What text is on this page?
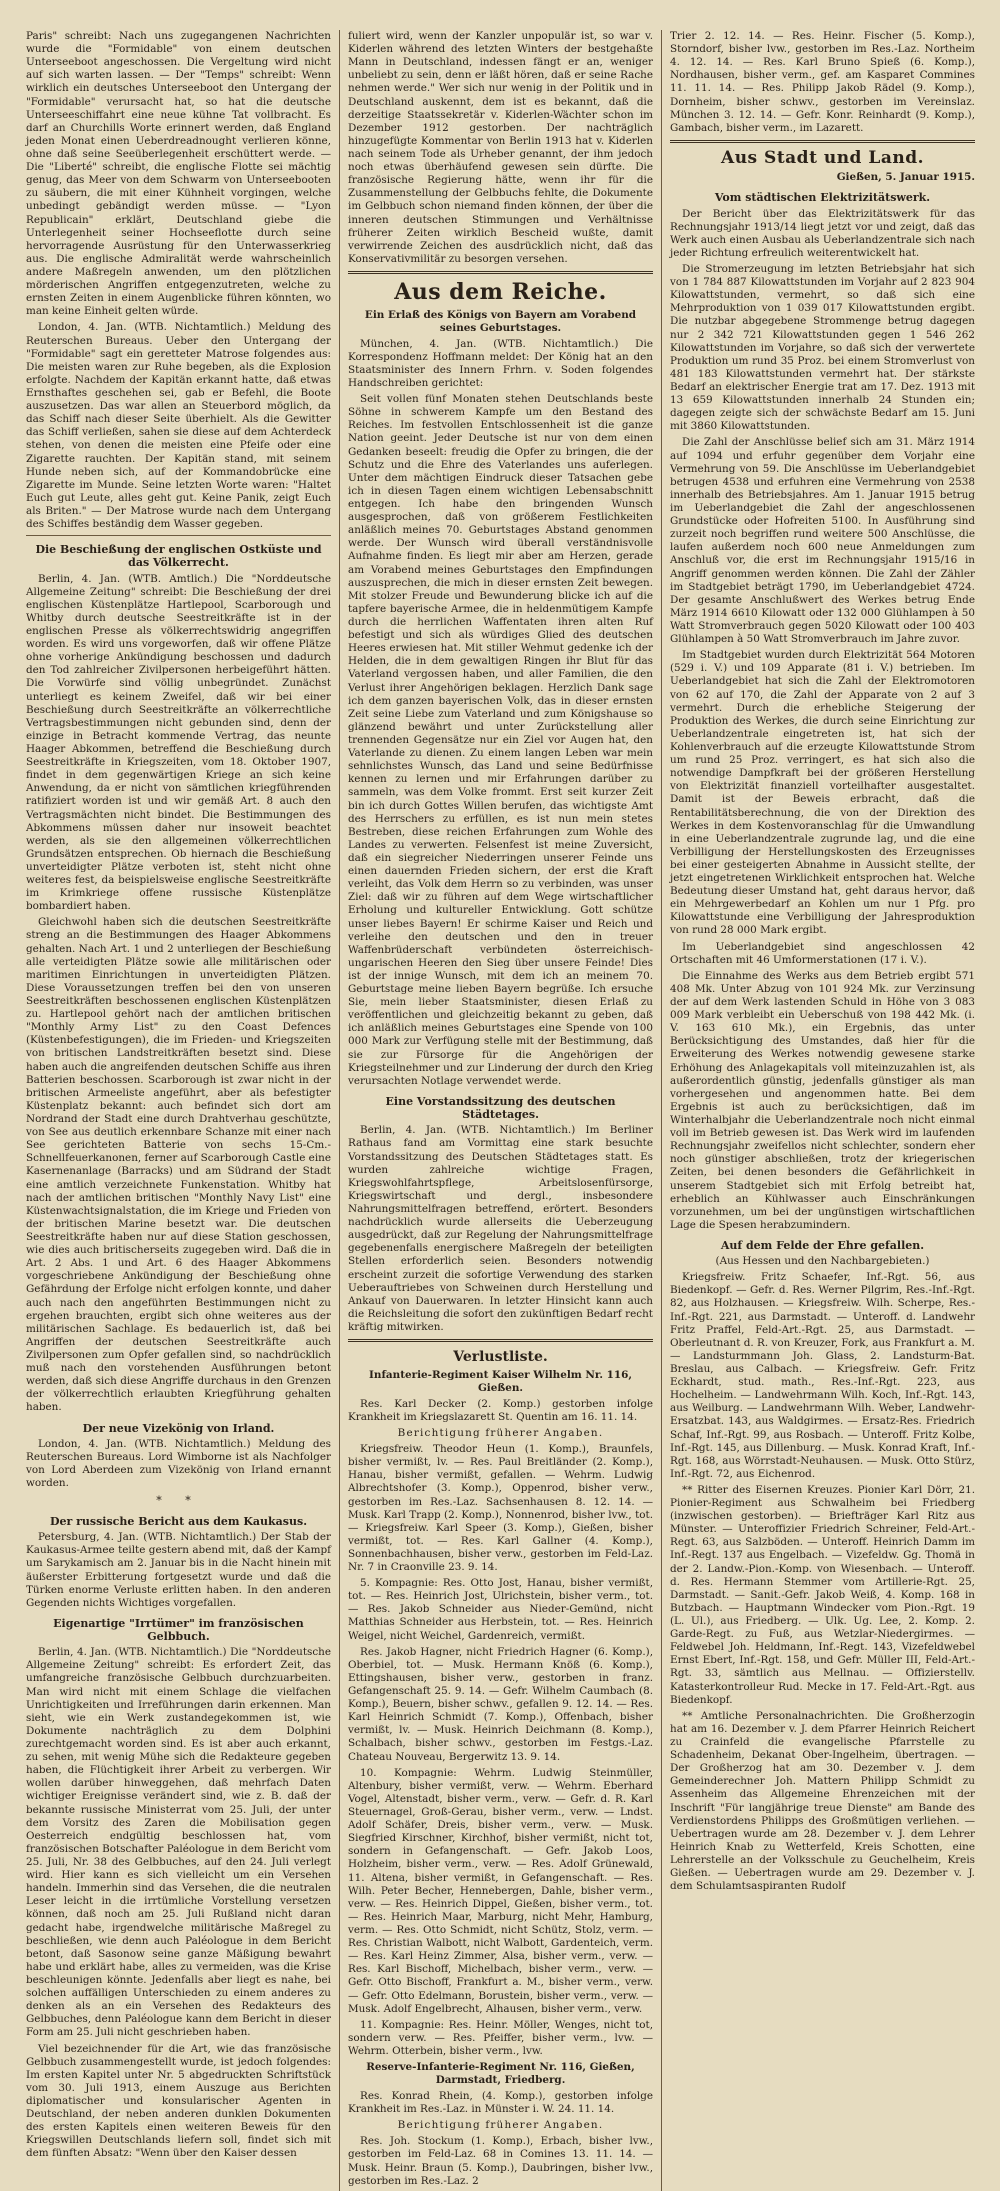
Paris" schreibt: Nach uns zugegangenen Nachrichten wurde die "Formidable" von einem deutschen Unterseeboot angeschossen. Die Vergeltung wird nicht auf sich warten lassen. — Der "Temps" schreibt: Wenn wirklich ein deutsches Unterseeboot den Untergang der "Formidable" verursacht hat, so hat die deutsche Unterseeschiffahrt eine neue kühne Tat vollbracht. Es darf an Churchills Worte erinnert werden, daß England jeden Monat einen Ueberdreadnought verlieren könne, ohne daß seine Seeüberlegenheit erschüttert werde. — Die "Liberté" schreibt, die englische Flotte sei mächtig genug, das Meer von dem Schwarm von Unterseebooten zu säubern, die mit einer Kühnheit vorgingen, welche unbedingt gebändigt werden müsse. — "Lyon Republicain" erklärt, Deutschland giebe die Unterlegenheit seiner Hochseeflotte durch seine hervorragende Ausrüstung für den Unterwasserkrieg aus. Die englische Admiralität werde wahrscheinlich andere Maßregeln anwenden, um den plötzlichen mörderischen Angriffen entgegenzutreten, welche zu ernsten Zeiten in einem Augenblicke führen könnten, wo man keine Einheit gelten würde.

London, 4. Jan. (WTB. Nichtamtlich.) Meldung des Reuterschen Bureaus. Ueber den Untergang der "Formidable" sagt ein geretteter Matrose folgendes aus: Die meisten waren zur Ruhe begeben, als die Explosion erfolgte. Nachdem der Kapitän erkannt hatte, daß etwas Ernsthaftes geschehen sei, gab er Befehl, die Boote auszusetzen. Das war allen an Steuerbord möglich, da das Schiff nach dieser Seite überhielt. Als die Gewitter das Schiff verließen, sahen sie diese auf dem Achterdeck stehen, von denen die meisten eine Pfeife oder eine Zigarette rauchten. Der Kapitän stand, mit seinem Hunde neben sich, auf der Kommandobrücke eine Zigarette im Munde. Seine letzten Worte waren: "Haltet Euch gut Leute, alles geht gut. Keine Panik, zeigt Euch als Briten." — Der Matrose wurde nach dem Untergang des Schiffes beständig dem Wasser gegeben.

Die Beschießung der englischen Ostküste und das Völkerrecht.

Berlin, 4. Jan. (WTB. Amtlich.) Die "Norddeutsche Allgemeine Zeitung" schreibt: Die Beschießung der drei englischen Küstenplätze Hartlepool, Scarborough und Whitby durch deutsche Seestreitkräfte ist in der englischen Presse als völkerrechtswidrig angegriffen worden. Es wird uns vorgeworfen, daß wir offene Plätze ohne vorherige Ankündigung beschossen und dadurch den Tod zahlreicher Zivilpersonen herbeigeführt hätten. Die Vorwürfe sind völlig unbegründet. Zunächst unterliegt es keinem Zweifel, daß wir bei einer Beschießung durch Seestreitkräfte an völkerrechtliche Vertragsbestimmungen nicht gebunden sind, denn der einzige in Betracht kommende Vertrag, das neunte Haager Abkommen, betreffend die Beschießung durch Seestreitkräfte in Kriegszeiten, vom 18. Oktober 1907, findet in dem gegenwärtigen Kriege an sich keine Anwendung, da er nicht von sämtlichen kriegführenden ratifiziert worden ist und wir gemäß Art. 8 auch den Vertragsmächten nicht bindet. Die Bestimmungen des Abkommens müssen daher nur insoweit beachtet werden, als sie den allgemeinen völkerrechtlichen Grundsätzen entsprechen. Ob hiernach die Beschießung unverteidigter Plätze verboten ist, steht nicht ohne weiteres fest, da beispielsweise englische Seestreitkräfte im Krimkriege offene russische Küstenplätze bombardiert haben.

Gleichwohl haben sich die deutschen Seestreitkräfte streng an die Bestimmungen des Haager Abkommens gehalten. Nach Art. 1 und 2 unterliegen der Beschießung alle verteidigten Plätze sowie alle militärischen oder maritimen Einrichtungen in unverteidigten Plätzen. Diese Voraussetzungen treffen bei den von unseren Seestreitkräften beschossenen englischen Küstenplätzen zu. Hartlepool gehört nach der amtlichen britischen "Monthly Army List" zu den Coast Defences (Küstenbefestigungen), die im Frieden- und Kriegszeiten von britischen Landstreitkräften besetzt sind. Diese haben auch die angreifenden deutschen Schiffe aus ihren Batterien beschossen. Scarborough ist zwar nicht in der britischen Armeeliste angeführt, aber als befestigter Küstenplatz bekannt: auch befindet sich dort am Nordrand der Stadt eine durch Drahtverhau geschützte, von See aus deutlich erkennbare Schanze mit einer nach See gerichteten Batterie von sechs 15-Cm.-Schnellfeuerkanonen, ferner auf Scarborough Castle eine Kasernenanlage (Barracks) und am Südrand der Stadt eine amtlich verzeichnete Funkenstation. Whitby hat nach der amtlichen britischen "Monthly Navy List" eine Küstenwachtsignalstation, die im Kriege und Frieden von der britischen Marine besetzt war. Die deutschen Seestreitkräfte haben nur auf diese Station geschossen, wie dies auch britischerseits zugegeben wird. Daß die in Art. 2 Abs. 1 und Art. 6 des Haager Abkommens vorgeschriebene Ankündigung der Beschießung ohne Gefährdung der Erfolge nicht erfolgen konnte, und daher auch nach den angeführten Bestimmungen nicht zu ergehen brauchten, ergibt sich ohne weiteres aus der militärischen Sachlage. Es bedauerlich ist, daß bei Angriffen der deutschen Seestreitkräfte auch Zivilpersonen zum Opfer gefallen sind, so nachdrücklich muß nach den vorstehenden Ausführungen betont werden, daß sich diese Angriffe durchaus in den Grenzen der völkerrechtlich erlaubten Kriegführung gehalten haben.

Der neue Vizekönig von Irland.

London, 4. Jan. (WTB. Nichtamtlich.) Meldung des Reuterschen Bureaus. Lord Wimborne ist als Nachfolger von Lord Aberdeen zum Vizekönig von Irland ernannt worden.

* *
Der russische Bericht aus dem Kaukasus.

Petersburg, 4. Jan. (WTB. Nichtamtlich.) Der Stab der Kaukasus-Armee teilte gestern abend mit, daß der Kampf um Sarykamisch am 2. Januar bis in die Nacht hinein mit äußerster Erbitterung fortgesetzt wurde und daß die Türken enorme Verluste erlitten haben. In den anderen Gegenden nichts Wichtiges vorgefallen.

Eigenartige "Irrtümer" im französischen Gelbbuch.

Berlin, 4. Jan. (WTB. Nichtamtlich.) Die "Norddeutsche Allgemeine Zeitung" schreibt: Es erfordert Zeit, das umfangreiche französische Gelbbuch durchzuarbeiten. Man wird nicht mit einem Schlage die vielfachen Unrichtigkeiten und Irreführungen darin erkennen. Man sieht, wie ein Werk zustandegekommen ist, wie Dokumente nachträglich zu dem Dolphini zurechtgemacht worden sind. Es ist aber auch erkannt, zu sehen, mit wenig Mühe sich die Redakteure gegeben haben, die Flüchtigkeit ihrer Arbeit zu verbergen. Wir wollen darüber hinweggehen, daß mehrfach Daten wichtiger Ereignisse verändert sind, wie z. B. daß der bekannte russische Ministerrat vom 25. Juli, der unter dem Vorsitz des Zaren die Mobilisation gegen Oesterreich endgültig beschlossen hat, vom französischen Botschafter Paléologue in dem Bericht vom 25. Juli, Nr. 38 des Gelbbuches, auf den 24. Juli verlegt wird. Hier kann es sich vielleicht um ein Versehen handeln. Immerhin sind das Versehen, die die neutralen Leser leicht in die irrtümliche Vorstellung versetzen können, daß noch am 25. Juli Rußland nicht daran gedacht habe, irgendwelche militärische Maßregel zu beschließen, wie denn auch Paléologue in dem Bericht betont, daß Sasonow seine ganze Mäßigung bewahrt habe und erklärt habe, alles zu vermeiden, was die Krise beschleunigen könnte. Jedenfalls aber liegt es nahe, bei solchen auffälligen Unterschieden zu einem anderes zu denken als an ein Versehen des Redakteurs des Gelbbuches, denn Paléologue kann dem Bericht in dieser Form am 25. Juli nicht geschrieben haben.

Viel bezeichnender für die Art, wie das französische Gelbbuch zusammengestellt wurde, ist jedoch folgendes: Im ersten Kapitel unter Nr. 5 abgedruckten Schriftstück vom 30. Juli 1913, einem Auszuge aus Berichten diplomatischer und konsularischer Agenten in Deutschland, der neben anderen dunklen Dokumenten des ersten Kapitels einen weiteren Beweis für den Kriegswillen Deutschlands liefern soll, findet sich mit dem fünften Absatz: "Wenn über den Kaiser dessen

fuliert wird, wenn der Kanzler unpopulär ist, so war v. Kiderlen während des letzten Winters der bestgehaßte Mann in Deutschland, indessen fängt er an, weniger unbeliebt zu sein, denn er läßt hören, daß er seine Rache nehmen werde." Wer sich nur wenig in der Politik und in Deutschland auskennt, dem ist es bekannt, daß die derzeitige Staatssekretär v. Kiderlen-Wächter schon im Dezember 1912 gestorben. Der nachträglich hinzugefügte Kommentar von Berlin 1913 hat v. Kiderlen nach seinem Tode als Urheber genannt, der ihm jedoch noch etwas überhäufend gewesen sein dürfte. Die französische Regierung hätte, wenn ihr für die Zusammenstellung der Gelbbuchs fehlte, die Dokumente im Gelbbuch schon niemand finden können, der über die inneren deutschen Stimmungen und Verhältnisse früherer Zeiten wirklich Bescheid wußte, damit verwirrende Zeichen des ausdrücklich nicht, daß das Konservativmilitär zu besorgen versehen.

Aus dem Reiche.
Ein Erlaß des Königs von Bayern am Vorabend seines Geburtstages.

München, 4. Jan. (WTB. Nichtamtlich.) Die Korrespondenz Hoffmann meldet: Der König hat an den Staatsminister des Innern Frhrn. v. Soden folgendes Handschreiben gerichtet:

Seit vollen fünf Monaten stehen Deutschlands beste Söhne in schwerem Kampfe um den Bestand des Reiches. Im festvollen Entschlossenheit ist die ganze Nation geeint. Jeder Deutsche ist nur von dem einen Gedanken beseelt: freudig die Opfer zu bringen, die der Schutz und die Ehre des Vaterlandes uns auferlegen. Unter dem mächtigen Eindruck dieser Tatsachen gebe ich in diesen Tagen einem wichtigen Lebensabschnitt entgegen. Ich habe den bringenden Wunsch ausgesprochen, daß von größerem Festlichkeiten anläßlich meines 70. Geburtstages Abstand genommen werde. Der Wunsch wird überall verständnisvolle Aufnahme finden. Es liegt mir aber am Herzen, gerade am Vorabend meines Geburtstages den Empfindungen auszusprechen, die mich in dieser ernsten Zeit bewegen. Mit stolzer Freude und Bewunderung blicke ich auf die tapfere bayerische Armee, die in heldenmütigem Kampfe durch die herrlichen Waffentaten ihren alten Ruf befestigt und sich als würdiges Glied des deutschen Heeres erwiesen hat. Mit stiller Wehmut gedenke ich der Helden, die in dem gewaltigen Ringen ihr Blut für das Vaterland vergossen haben, und aller Familien, die den Verlust ihrer Angehörigen beklagen. Herzlich Dank sage ich dem ganzen bayerischen Volk, das in dieser ernsten Zeit seine Liebe zum Vaterland und zum Königshause so glänzend bewährt und unter Zurückstellung aller trennenden Gegensätze nur ein Ziel vor Augen hat, den Vaterlande zu dienen. Zu einem langen Leben war mein sehnlichstes Wunsch, das Land und seine Bedürfnisse kennen zu lernen und mir Erfahrungen darüber zu sammeln, was dem Volke frommt. Erst seit kurzer Zeit bin ich durch Gottes Willen berufen, das wichtigste Amt des Herrschers zu erfüllen, es ist nun mein stetes Bestreben, diese reichen Erfahrungen zum Wohle des Landes zu verwerten. Felsenfest ist meine Zuversicht, daß ein siegreicher Niederringen unserer Feinde uns einen dauernden Frieden sichern, der erst die Kraft verleiht, das Volk dem Herrn so zu verbinden, was unser Ziel: daß wir zu führen auf dem Wege wirtschaftlicher Erholung und kultureller Entwicklung. Gott schütze unser liebes Bayern! Er schirme Kaiser und Reich und verleihe den deutschen und den in treuer Waffenbrüderschaft verbündeten österreichisch-ungarischen Heeren den Sieg über unsere Feinde! Dies ist der innige Wunsch, mit dem ich an meinem 70. Geburtstage meine lieben Bayern begrüße. Ich ersuche Sie, mein lieber Staatsminister, diesen Erlaß zu veröffentlichen und gleichzeitig bekannt zu geben, daß ich anläßlich meines Geburtstages eine Spende von 100 000 Mark zur Verfügung stelle mit der Bestimmung, daß sie zur Fürsorge für die Angehörigen der Kriegsteilnehmer und zur Linderung der durch den Krieg verursachten Notlage verwendet werde.

Eine Vorstandssitzung des deutschen Städtetages.

Berlin, 4. Jan. (WTB. Nichtamtlich.) Im Berliner Rathaus fand am Vormittag eine stark besuchte Vorstandssitzung des Deutschen Städtetages statt. Es wurden zahlreiche wichtige Fragen, Kriegswohlfahrtspflege, Arbeitslosenfürsorge, Kriegswirtschaft und dergl., insbesondere Nahrungsmittelfragen betreffend, erörtert. Besonders nachdrücklich wurde allerseits die Ueberzeugung ausgedrückt, daß zur Regelung der Nahrungsmittelfrage gegebenenfalls energischere Maßregeln der beteiligten Stellen erforderlich seien. Besonders notwendig erscheint zurzeit die sofortige Verwendung des starken Ueberauftriebes von Schweinen durch Herstellung und Ankauf von Dauerwaren. In letzter Hinsicht kann auch die Reichsleitung die sofort den zukünftigen Bedarf recht kräftig mitwirken.

Verlustliste.
Infanterie-Regiment Kaiser Wilhelm Nr. 116, Gießen.

Res. Karl Decker (2. Komp.) gestorben infolge Krankheit im Kriegslazarett St. Quentin am 16. 11. 14.

Berichtigung früherer Angaben.

Kriegsfreiw. Theodor Heun (1. Komp.), Braunfels, bisher vermißt, lv. — Res. Paul Breitländer (2. Komp.), Hanau, bisher vermißt, gefallen. — Wehrm. Ludwig Albrechtshofer (3. Komp.), Oppenrod, bisher verw., gestorben im Res.-Laz. Sachsenhausen 8. 12. 14. — Musk. Karl Trapp (2. Komp.), Nonnenrod, bisher lvw., tot. — Kriegsfreiw. Karl Speer (3. Komp.), Gießen, bisher vermißt, tot. — Res. Karl Gallner (4. Komp.), Sonnenbachhausen, bisher verw., gestorben im Feld-Laz. Nr. 7 in Craonville 23. 9. 14.

5. Kompagnie: Res. Otto Jost, Hanau, bisher vermißt, tot. — Res. Heinrich Jost, Ulrichstein, bisher verm., tot. — Res. Jakob Schneider aus Nieder-Gemünd, nicht Matthias Schneider aus Herbstein, tot. — Res. Heinrich Weigel, nicht Weichel, Gardenreich, vermißt.

Res. Jakob Hagner, nicht Friedrich Hagner (6. Komp.), Oberbiel, tot. — Musk. Hermann Knöß (6. Komp.), Ettingshausen, bisher verw., gestorben in franz. Gefangenschaft 25. 9. 14. — Gefr. Wilhelm Caumbach (8. Komp.), Beuern, bisher schwv., gefallen 9. 12. 14. — Res. Karl Heinrich Schmidt (7. Komp.), Offenbach, bisher vermißt, lv. — Musk. Heinrich Deichmann (8. Komp.), Schalbach, bisher schwv., gestorben im Festgs.-Laz. Chateau Nouveau, Bergerwitz 13. 9. 14.

10. Kompagnie: Wehrm. Ludwig Steinmüller, Altenbury, bisher vermißt, verw. — Wehrm. Eberhard Vogel, Altenstadt, bisher verm., verw. — Gefr. d. R. Karl Steuernagel, Groß-Gerau, bisher verm., verw. — Lndst. Adolf Schäfer, Dreis, bisher verm., verw. — Musk. Siegfried Kirschner, Kirchhof, bisher vermißt, nicht tot, sondern in Gefangenschaft. — Gefr. Jakob Loos, Holzheim, bisher verm., verw. — Res. Adolf Grünewald, 11. Altena, bisher vermißt, in Gefangenschaft. — Res. Wilh. Peter Becher, Hennebergen, Dahle, bisher verm., verw. — Res. Heinrich Dippel, Gießen, bisher verm., tot. — Res. Heinrich Maar, Marburg, nicht Mehr, Hamburg, verm. — Res. Otto Schmidt, nicht Schütz, Stolz, verm. — Res. Christian Walbott, nicht Walbott, Gardenteich, verm. — Res. Karl Heinz Zimmer, Alsa, bisher verm., verw. — Res. Karl Bischoff, Michelbach, bisher verm., verw. — Gefr. Otto Bischoff, Frankfurt a. M., bisher verm., verw. — Gefr. Otto Edelmann, Borustein, bisher verm., verw. — Musk. Adolf Engelbrecht, Alhausen, bisher verm., verw.

11. Kompagnie: Res. Heinr. Möller, Wenges, nicht tot, sondern verw. — Res. Pfeiffer, bisher verm., lvw. — Wehrm. Otterbein, bisher verm., lvw.

Reserve-Infanterie-Regiment Nr. 116, Gießen, Darmstadt, Friedberg.

Res. Konrad Rhein, (4. Komp.), gestorben infolge Krankheit im Res.-Laz. in Münster i. W. 24. 11. 14.

Berichtigung früherer Angaben.

Res. Joh. Stockum (1. Komp.), Erbach, bisher lvw., gestorben im Feld-Laz. 68 in Comines 13. 11. 14. — Musk. Heinr. Braun (5. Komp.), Daubringen, bisher lvw., gestorben im Res.-Laz. 2

Trier 2. 12. 14. — Res. Heinr. Fischer (5. Komp.), Storndorf, bisher lvw., gestorben im Res.-Laz. Northeim 4. 12. 14. — Res. Karl Bruno Spieß (6. Komp.), Nordhausen, bisher verm., gef. am Kasparet Commines 11. 11. 14. — Res. Philipp Jakob Rädel (9. Komp.), Dornheim, bisher schwv., gestorben im Vereinslaz. München 3. 12. 14. — Gefr. Konr. Reinhardt (9. Komp.), Gambach, bisher verm., im Lazarett.

Aus Stadt und Land.
Gießen, 5. Januar 1915.
Vom städtischen Elektrizitätswerk.

Der Bericht über das Elektrizitätswerk für das Rechnungsjahr 1913/14 liegt jetzt vor und zeigt, daß das Werk auch einen Ausbau als Ueberlandzentrale sich nach jeder Richtung erfreulich weiterentwickelt hat.

Die Stromerzeugung im letzten Betriebsjahr hat sich von 1 784 887 Kilowattstunden im Vorjahr auf 2 823 904 Kilowattstunden, vermehrt, so daß sich eine Mehrproduktion von 1 039 017 Kilowattstunden ergibt. Die nutzbar abgegebene Strommenge betrug dagegen nur 2 342 721 Kilowattstunden gegen 1 546 262 Kilowattstunden im Vorjahre, so daß sich der verwertete Produktion um rund 35 Proz. bei einem Stromverlust von 481 183 Kilowattstunden vermehrt hat. Der stärkste Bedarf an elektrischer Energie trat am 17. Dez. 1913 mit 13 659 Kilowattstunden innerhalb 24 Stunden ein; dagegen zeigte sich der schwächste Bedarf am 15. Juni mit 3860 Kilowattstunden.

Die Zahl der Anschlüsse belief sich am 31. März 1914 auf 1094 und erfuhr gegenüber dem Vorjahr eine Vermehrung von 59. Die Anschlüsse im Ueberlandgebiet betrugen 4538 und erfuhren eine Vermehrung von 2538 innerhalb des Betriebsjahres. Am 1. Januar 1915 betrug im Ueberlandgebiet die Zahl der angeschlossenen Grundstücke oder Hofreiten 5100. In Ausführung sind zurzeit noch begriffen rund weitere 500 Anschlüsse, die laufen außerdem noch 600 neue Anmeldungen zum Anschluß vor, die erst im Rechnungsjahr 1915/16 in Angriff genommen werden können. Die Zahl der Zähler im Stadtgebiet beträgt 1790, im Ueberlandgebiet 4724. Der gesamte Anschlußwert des Werkes betrug Ende März 1914 6610 Kilowatt oder 132 000 Glühlampen à 50 Watt Stromverbrauch gegen 5020 Kilowatt oder 100 403 Glühlampen à 50 Watt Stromverbrauch im Jahre zuvor.

Im Stadtgebiet wurden durch Elektrizität 564 Motoren (529 i. V.) und 109 Apparate (81 i. V.) betrieben. Im Ueberlandgebiet hat sich die Zahl der Elektromotoren von 62 auf 170, die Zahl der Apparate von 2 auf 3 vermehrt. Durch die erhebliche Steigerung der Produktion des Werkes, die durch seine Einrichtung zur Ueberlandzentrale eingetreten ist, hat sich der Kohlenverbrauch auf die erzeugte Kilowattstunde Strom um rund 25 Proz. verringert, es hat sich also die notwendige Dampfkraft bei der größeren Herstellung von Elektrizität finanziell vorteilhafter ausgestaltet. Damit ist der Beweis erbracht, daß die Rentabilitätsberechnung, die von der Direktion des Werkes in dem Kostenvoranschlag für die Umwandlung in eine Ueberlandzentrale zugrunde lag, und die eine Verbilligung der Herstellungskosten des Erzeugnisses bei einer gesteigerten Abnahme in Aussicht stellte, der jetzt eingetretenen Wirklichkeit entsprochen hat. Welche Bedeutung dieser Umstand hat, geht daraus hervor, daß ein Mehrgewerbedarf an Kohlen um nur 1 Pfg. pro Kilowattstunde eine Verbilligung der Jahresproduktion von rund 28 000 Mark ergibt.

Im Ueberlandgebiet sind angeschlossen 42 Ortschaften mit 46 Umformerstationen (17 i. V.).

Die Einnahme des Werks aus dem Betrieb ergibt 571 408 Mk. Unter Abzug von 101 924 Mk. zur Verzinsung der auf dem Werk lastenden Schuld in Höhe von 3 083 009 Mark verbleibt ein Ueberschuß von 198 442 Mk. (i. V. 163 610 Mk.), ein Ergebnis, das unter Berücksichtigung des Umstandes, daß hier für die Erweiterung des Werkes notwendig gewesene starke Erhöhung des Anlagekapitals voll miteinzuzahlen ist, als außerordentlich günstig, jedenfalls günstiger als man vorhergesehen und angenommen hatte. Bei dem Ergebnis ist auch zu berücksichtigen, daß im Winterhalbjahr die Ueberlandzentrale noch nicht einmal voll im Betrieb gewesen ist. Das Werk wird im laufenden Rechnungsjahr zweifellos nicht schlechter, sondern eher noch günstiger abschließen, trotz der kriegerischen Zeiten, bei denen besonders die Gefährlichkeit in unserem Stadtgebiet sich mit Erfolg betreibt hat, erheblich an Kühlwasser auch Einschränkungen vorzunehmen, um bei der ungünstigen wirtschaftlichen Lage die Spesen herabzumindern.

Auf dem Felde der Ehre gefallen.
(Aus Hessen und den Nachbargebieten.)

Kriegsfreiw. Fritz Schaefer, Inf.-Rgt. 56, aus Biedenkopf. — Gefr. d. Res. Werner Pilgrim, Res.-Inf.-Rgt. 82, aus Holzhausen. — Kriegsfreiw. Wilh. Scherpe, Res.-Inf.-Rgt. 221, aus Darmstadt. — Unteroff. d. Landwehr Fritz Praffel, Feld-Art.-Rgt. 25, aus Darmstadt. — Oberleutnant d. R. von Kreuzer, Fork, aus Frankfurt a. M. — Landsturmmann Joh. Glass, 2. Landsturm-Bat. Breslau, aus Calbach. — Kriegsfreiw. Gefr. Fritz Eckhardt, stud. math., Res.-Inf.-Rgt. 223, aus Hochelheim. — Landwehrmann Wilh. Koch, Inf.-Rgt. 143, aus Weilburg. — Landwehrmann Wilh. Weber, Landwehr-Ersatzbat. 143, aus Waldgirmes. — Ersatz-Res. Friedrich Schaf, Inf.-Rgt. 99, aus Rosbach. — Unteroff. Fritz Kolbe, Inf.-Rgt. 145, aus Dillenburg. — Musk. Konrad Kraft, Inf.-Rgt. 168, aus Wörrstadt-Neuhausen. — Musk. Otto Stürz, Inf.-Rgt. 72, aus Eichenrod.

** Ritter des Eisernen Kreuzes. Pionier Karl Dörr, 21. Pionier-Regiment aus Schwalheim bei Friedberg (inzwischen gestorben). — Briefträger Karl Ritz aus Münster. — Unteroffizier Friedrich Schreiner, Feld-Art.-Regt. 63, aus Salzböden. — Unteroff. Heinrich Damm im Inf.-Regt. 137 aus Engelbach. — Vizefeldw. Gg. Thomä in der 2. Landw.-Pion.-Komp. von Wiesenbach. — Unteroff. d. Res. Hermann Stemmer vom Artillerie-Rgt. 25, Darmstadt. — Sanit.-Gefr. Jakob Weiß, 4. Komp. 168 in Butzbach. — Hauptmann Windecker vom Pion.-Rgt. 19 (L. Ul.), aus Friedberg. — Ulk. Ug. Lee, 2. Komp. 2. Garde-Regt. zu Fuß, aus Wetzlar-Niedergirmes. — Feldwebel Joh. Heldmann, Inf.-Regt. 143, Vizefeldwebel Ernst Ebert, Inf.-Rgt. 158, und Gefr. Müller III, Feld-Art.-Rgt. 33, sämtlich aus Mellnau. — Offizierstellv. Katasterkontrolleur Rud. Mecke in 17. Feld-Art.-Rgt. aus Biedenkopf.

** Amtliche Personalnachrichten. Die Großherzogin hat am 16. Dezember v. J. dem Pfarrer Heinrich Reichert zu Crainfeld die evangelische Pfarrstelle zu Schadenheim, Dekanat Ober-Ingelheim, übertragen. — Der Großherzog hat am 30. Dezember v. J. dem Gemeinderechner Joh. Mattern Philipp Schmidt zu Assenheim das Allgemeine Ehrenzeichen mit der Inschrift "Für langjährige treue Dienste" am Bande des Verdienstordens Philipps des Großmütigen verliehen. — Uebertragen wurde am 28. Dezember v. J. dem Lehrer Heinrich Knab zu Wetterfeld, Kreis Schotten, eine Lehrerstelle an der Volksschule zu Geuchelheim, Kreis Gießen. — Uebertragen wurde am 29. Dezember v. J. dem Schulamtsaspiranten Rudolf
